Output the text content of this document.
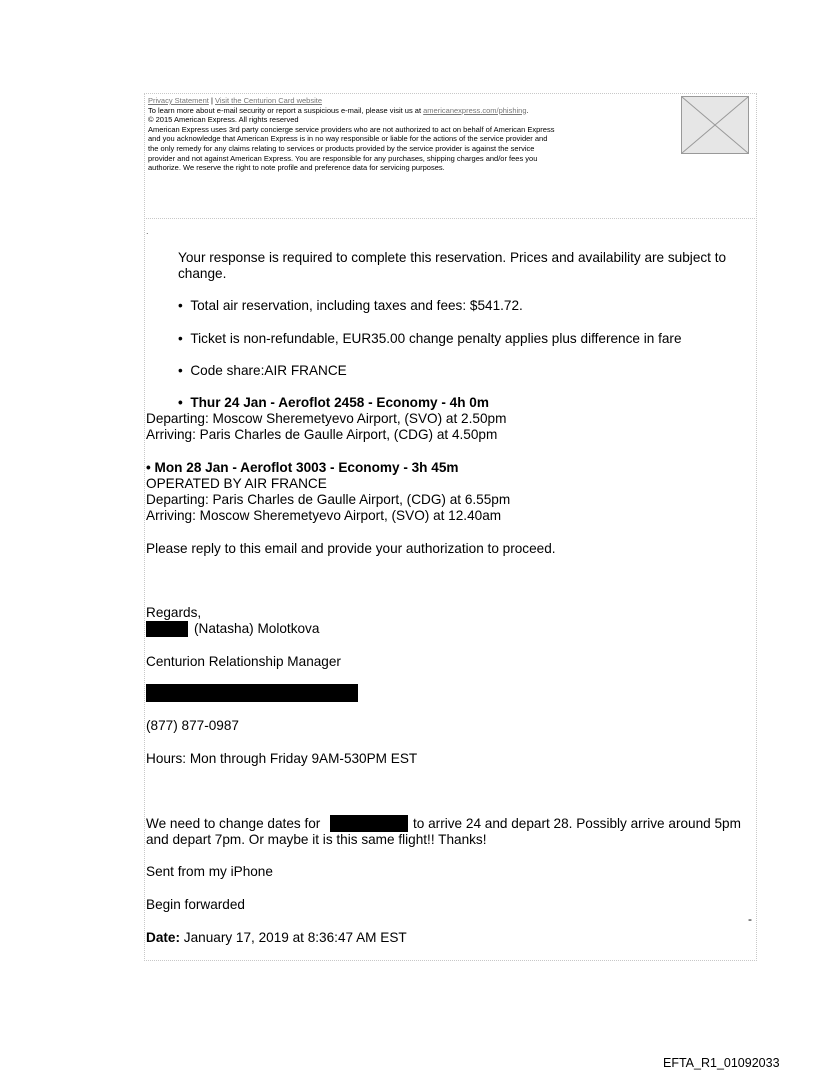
Privacy Statement | Visit the Centurion Card website
To learn more about e-mail security or report a suspicious e-mail, please visit us at americanexpress.com/phishing.
© 2015 American Express. All rights reserved
American Express uses 3rd party concierge service providers who are not authorized to act on behalf of American Express
and you acknowledge that American Express is in no way responsible or liable for the actions of the service provider and
the only remedy for any claims relating to services or products provided by the service provider is against the service
provider and not against American Express. You are responsible for any purchases, shipping charges and/or fees you
authorize. We reserve the right to note profile and preference data for servicing purposes.
.
Your response is required to complete this reservation. Prices and availability are subject to
change.
• Total air reservation, including taxes and fees: $541.72.
• Ticket is non-refundable, EUR35.00 change penalty applies plus difference in fare
• Code share:AIR FRANCE
• Thur 24 Jan - Aeroflot 2458 - Economy - 4h 0m
Departing: Moscow Sheremetyevo Airport, (SVO) at 2.50pm
Arriving: Paris Charles de Gaulle Airport, (CDG) at 4.50pm
• Mon 28 Jan - Aeroflot 3003 - Economy - 3h 45m
OPERATED BY AIR FRANCE
Departing: Paris Charles de Gaulle Airport, (CDG) at 6.55pm
Arriving: Moscow Sheremetyevo Airport, (SVO) at 12.40am
Please reply to this email and provide your authorization to proceed.
Regards,
(Natasha) Molotkova
Centurion Relationship Manager
(877) 877-0987
Hours: Mon through Friday 9AM-530PM EST
We need to change dates for	to arrive 24 and depart 28. Possibly arrive around 5pm
and depart 7pm. Or maybe it is this same flight!! Thanks!
Sent from my iPhone
Begin forwarded
-
Date: January 17, 2019 at 8:36:47 AM EST
EFTA_R1_01092033
